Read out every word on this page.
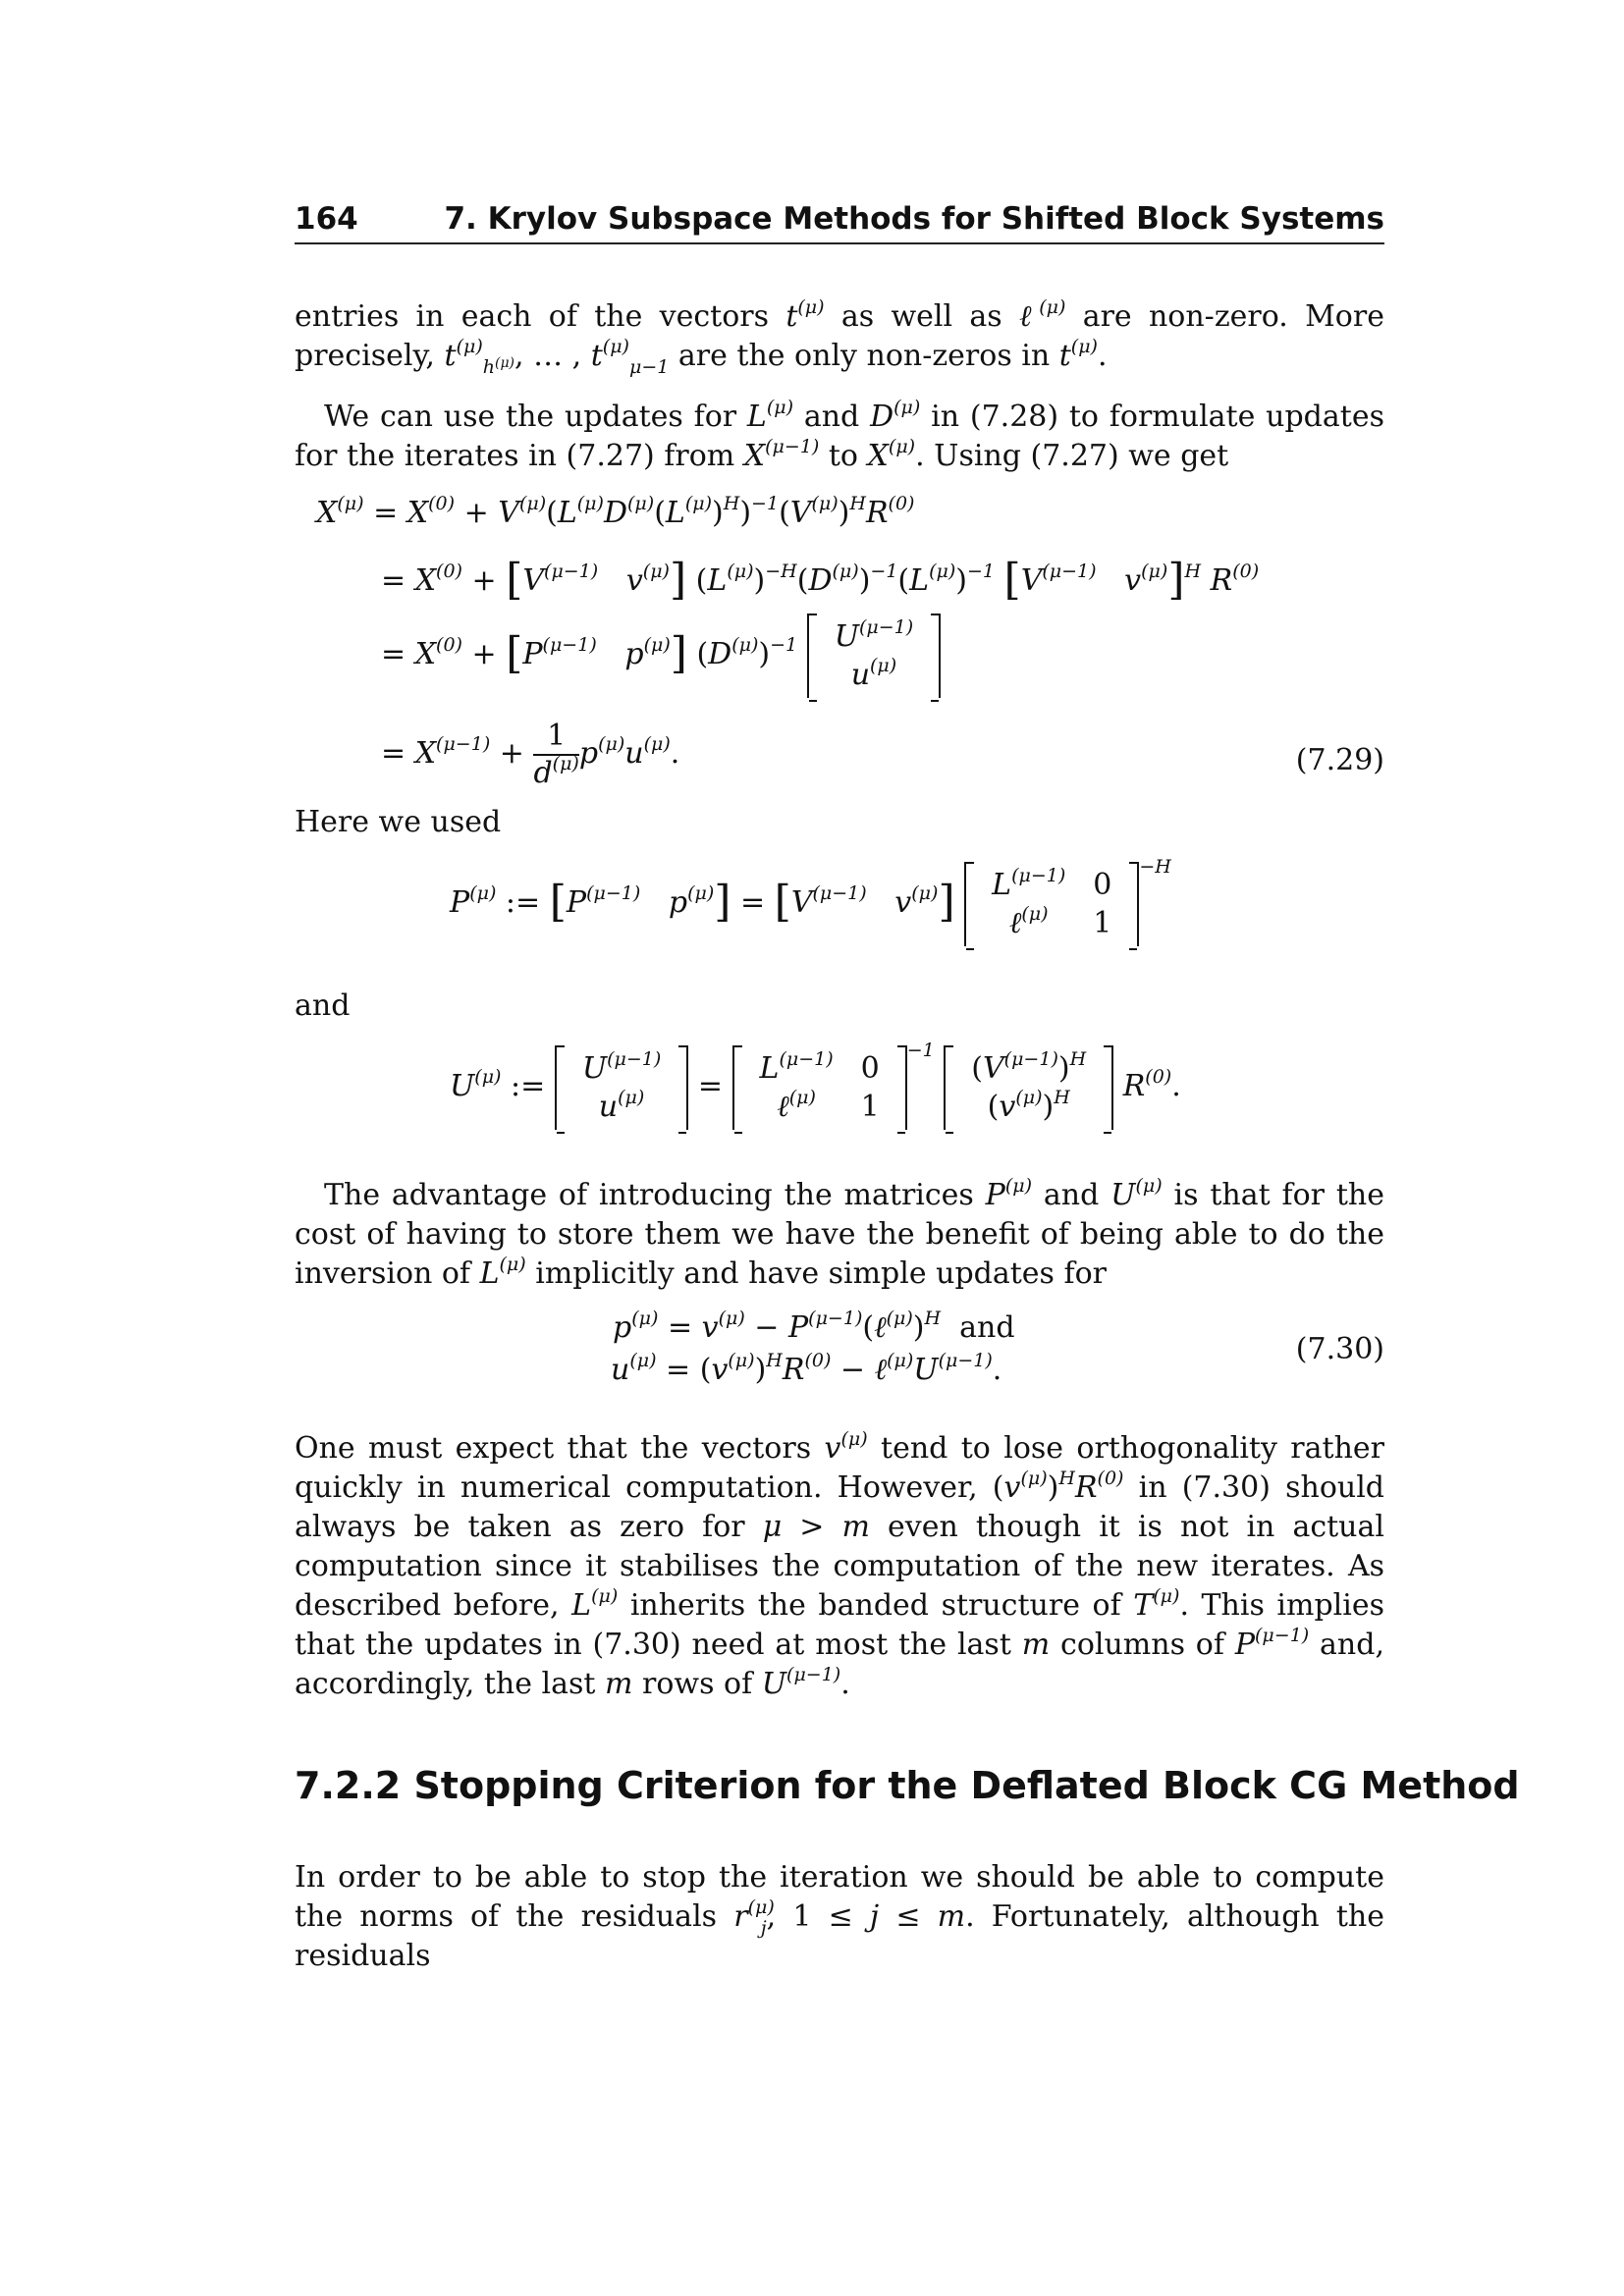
164	7. Krylov Subspace Methods for Shifted Block Systems

entries in each of the vectors $t^{(\mu)}$ as well as ℓ$^{(\mu)}$ are non-zero. More precisely, $t^{(\mu)}_{h^{(\mu)}}$, … , $t^{(\mu)}_{\mu-1}$ are the only non-zeros in $t^{(\mu)}$.

We can use the updates for $L^{(\mu)}$ and $D^{(\mu)}$ in (7.28) to formulate updates for the iterates in (7.27) from $X^{(\mu-1)}$ to $X^{(\mu)}$. Using (7.27) we get

$X^{(\mu)} = X^{(0)} + V^{(\mu)}(L^{(\mu)}D^{(\mu)}(L^{(\mu)})^H)^{-1}(V^{(\mu)})^HR^{(0)}$
= $X^{(0)} + [V^{(\mu-1)}$ $v^{(\mu)}$] $(L^{(\mu)})^{-H}(D^{(\mu)})^{-1}(L^{(\mu)})^{-1}$ [$V^{(\mu-1)}$ $v^{(\mu)}]^H$ $R^{(0)}$
= $X^{(0)} + [P^{(\mu-1)}$ $p^{(\mu)}$] $(D^{(\mu)})^{-1}$ $U^{(\mu-1)}$
$u^{(\mu)}$
= $X^{(\mu-1)} + \frac{1}{d^{(\mu)}} p^{(\mu)}u^{(\mu)}$.	(7.29)

Here we used

$P^{(\mu)}$ := [$P^{(\mu-1)}$ $p^{(\mu)}] = [V^{(\mu-1)}$ $v^{(\mu)}$] $L^{(\mu-1)}$	0
ℓ$^{(\mu)}$	1
$^{-H}$

and

$U^{(\mu)}$ :=
$U^{(\mu-1)}$
$u^{(\mu)}$ =
$L^{(\mu-1)}$	0
ℓ$^{(\mu)}$	1
$^{-1}$
$(V^{(\mu-1)})^H$
$(v^{(\mu)})^H$ $R^{(0)}$.

The advantage of introducing the matrices $P^{(\mu)}$ and $U^{(\mu)}$ is that for the cost of having to store them we have the benefit of being able to do the inversion of $L^{(\mu)}$ implicitly and have simple updates for

$p^{(\mu)} = v^{(\mu)}$ − $P^{(\mu-1)}(\ell^{(\mu)})^H$ and
$u^{(\mu)} = (v^{(\mu)})^HR^{(0)}$ − $\ell^{(\mu)}U^{(\mu-1)}$.
(7.30)

One must expect that the vectors $v^{(\mu)}$ tend to lose orthogonality rather quickly in numerical computation. However, $(v^{(\mu)})^HR^{(0)}$ in (7.30) should always be taken as zero for μ > m even though it is not in actual computation since it stabilises the computation of the new iterates. As described before, $L^{(\mu)}$ inherits the banded structure of $T^{(\mu)}$. This implies that the updates in (7.30) need at most the last m columns of $P^{(\mu-1)}$ and, accordingly, the last m rows of $U^{(\mu-1)}$.

7.2.2 Stopping Criterion for the Deflated Block CG Method

In order to be able to stop the iteration we should be able to compute the norms of the residuals $r^{(\mu)}_j$, 1 ≤ j ≤ m. Fortunately, although the residuals
